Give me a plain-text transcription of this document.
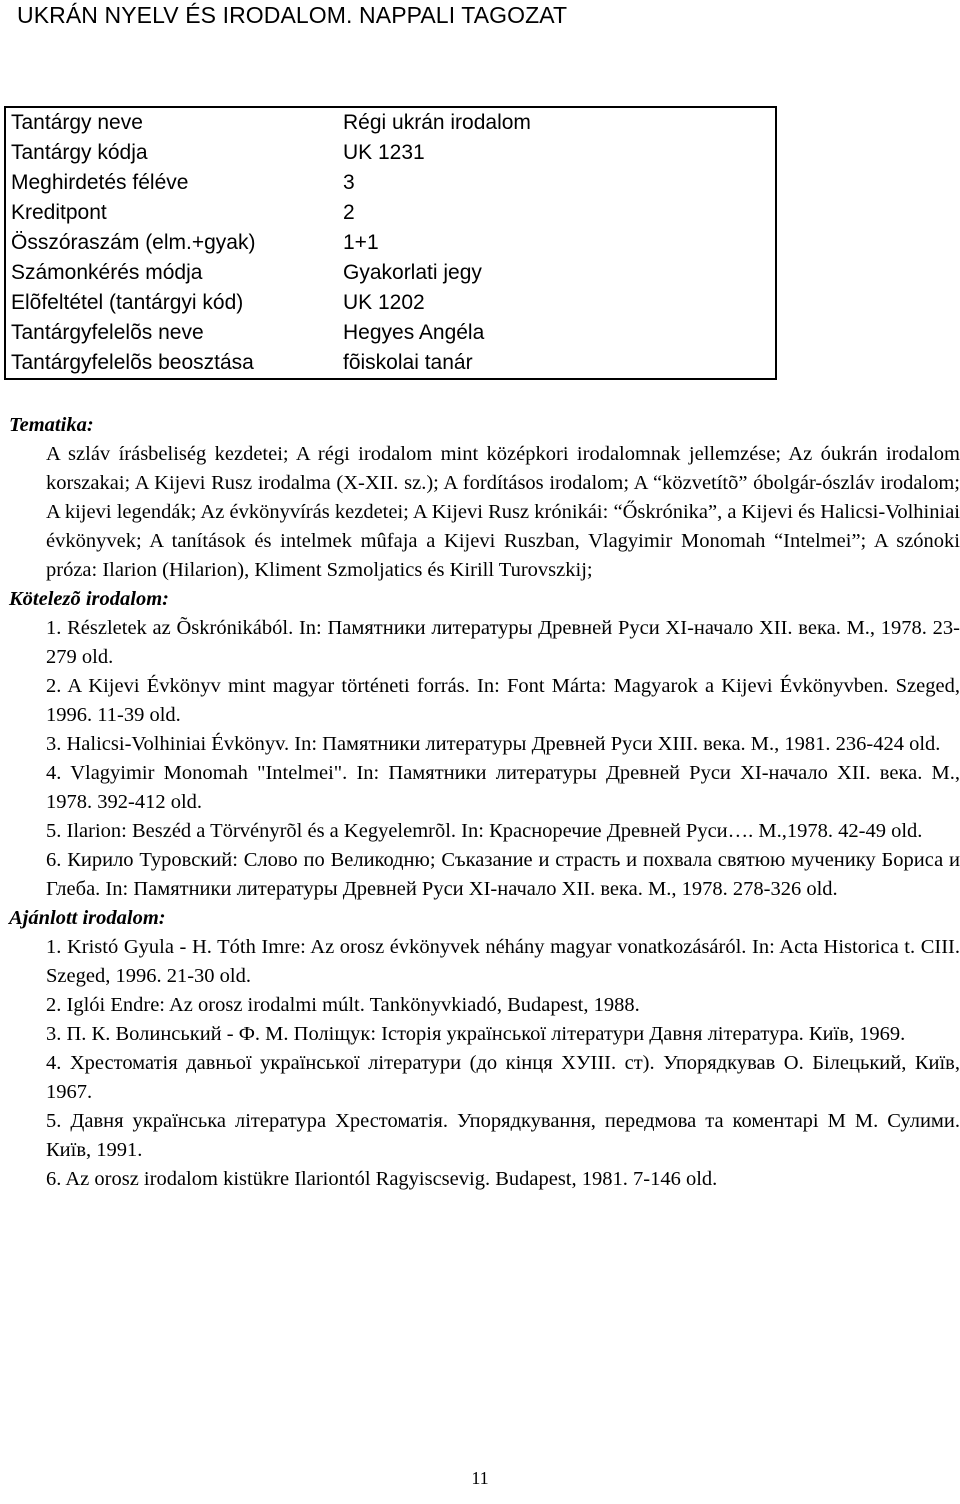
UKRÁN NYELV ÉS IRODALOM. NAPPALI TAGOZAT
Tantárgy neve	Régi ukrán irodalom
Tantárgy kódja	UK 1231
Meghirdetés féléve	3
Kreditpont	2
Összóraszám (elm.+gyak)	1+1
Számonkérés módja	Gyakorlati jegy
Elõfeltétel (tantárgyi kód)	UK 1202
Tantárgyfelelõs neve	Hegyes Angéla
Tantárgyfelelõs beosztása	fõiskolai tanár
Tematika:
A szláv írásbeliség kezdetei; A régi irodalom mint középkori irodalomnak jellemzése; Az óukrán irodalom korszakai; A Kijevi Rusz irodalma (X-XII. sz.); A fordításos irodalom; A “közvetítõ” óbolgár-ószláv irodalom; A kijevi legendák; Az évkönyvírás kezdetei; A Kijevi Rusz krónikái: “Őskrónika”, a Kijevi és Halicsi-Volhiniai évkönyvek; A tanítások és intelmek mûfaja a Kijevi Ruszban, Vlagyimir Monomah “Intelmei”; A szónoki próza: Ilarion (Hilarion), Kliment Szmoljatics és Kirill Turovszkij;
Kötelezõ irodalom:
1. Részletek az Õskrónikából. In: Памятники литературы Древней Руси XI-начало XII. века. M., 1978. 23-279 old.
2. A Kijevi Évkönyv mint magyar történeti forrás. In: Font Márta: Magyarok a Kijevi Évkönyvben. Szeged, 1996. 11-39 old.
3. Halicsi-Volhiniai Évkönyv. In: Памятники литературы Древней Руси XIII. века. M., 1981. 236-424 old.
4. Vlagyimir Monomah "Intelmei". In: Памятники литературы Древней Руси XI-начало XII. века. M., 1978. 392-412 old.
5. Ilarion: Beszéd a Törvényrõl és a Kegyelemrõl. In: Красноречие Древней Руси…. M.,1978. 42-49 old.
6. Кирило Туровский: Слово по Великодню; Съказание и страсть и похвала святюю мученику Бориса и Глеба. In: Памятники литературы Древней Руси XI-начало XII. века. M., 1978. 278-326 old.
Ajánlott irodalom:
1. Kristó Gyula - H. Tóth Imre: Az orosz évkönyvek néhány magyar vonatkozásáról. In: Acta Historica t. CIII. Szeged, 1996. 21-30 old.
2. Iglói Endre: Az orosz irodalmi múlt. Tankönyvkiadó, Budapest, 1988.
3. П. К. Волинський - Ф. М. Поліщук: Історія української літератури Давня література. Київ, 1969.
4. Хрестоматія давньої української літератури (до кінця ХУІІІ. ст). Упорядкував О. Білецький, Київ, 1967.
5. Давня українська література Хрестоматія. Упорядкування, передмова та коментарі М М. Сулими. Київ, 1991.
6. Az orosz irodalom kistükre Ilariontól Ragyiscsevig. Budapest, 1981. 7-146 old.
11
